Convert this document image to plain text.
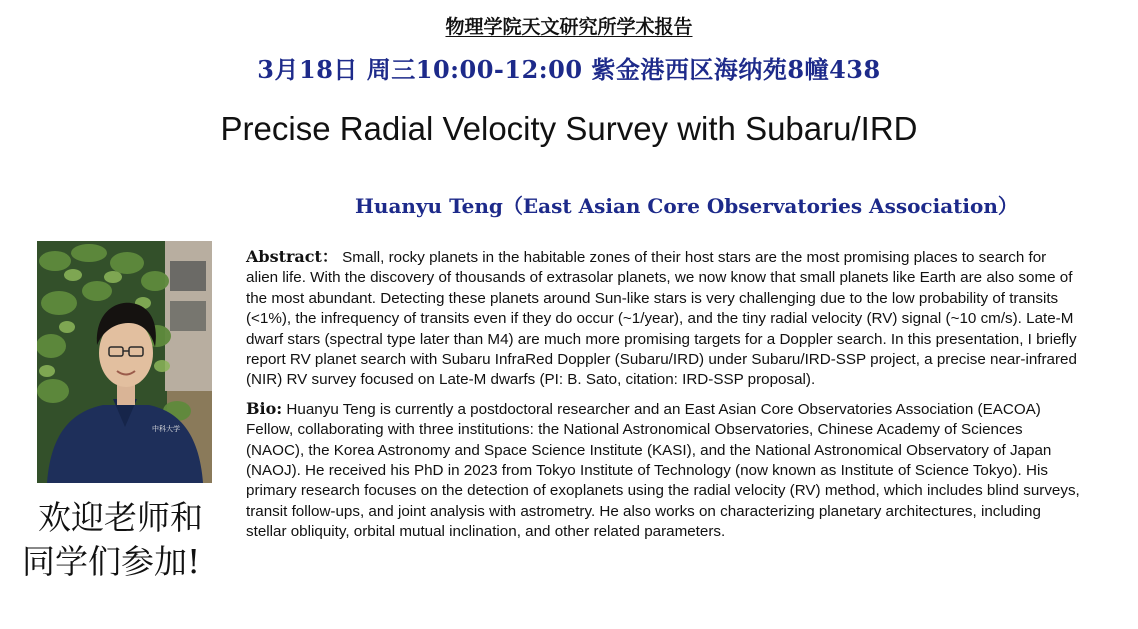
物理学院天文研究所学术报告
3月18日 周三10:00-12:00 紫金港西区海纳苑8幢438
Precise Radial Velocity Survey with Subaru/IRD
Huanyu Teng（East Asian Core Observatories Association）
中科大学
欢迎老师和
同学们参加!

Abstract： Small, rocky planets in the habitable zones of their host stars are the most promising places to search for alien life. With the discovery of thousands of extrasolar planets, we now know that small planets like Earth are also some of the most abundant. Detecting these planets around Sun-like stars is very challenging due to the low probability of transits (<1%), the infrequency of transits even if they do occur (~1/year), and the tiny radial velocity (RV) signal (~10 cm/s). Late-M dwarf stars (spectral type later than M4) are much more promising targets for a Doppler search. In this presentation, I briefly report RV planet search with Subaru InfraRed Doppler (Subaru/IRD) under Subaru/IRD-SSP project, a precise near-infrared (NIR) RV survey focused on Late-M dwarfs (PI: B. Sato, citation: IRD-SSP proposal).

Bio: Huanyu Teng is currently a postdoctoral researcher and an East Asian Core Observatories Association (EACOA) Fellow, collaborating with three institutions: the National Astronomical Observatories, Chinese Academy of Sciences (NAOC), the Korea Astronomy and Space Science Institute (KASI), and the National Astronomical Observatory of Japan (NAOJ). He received his PhD in 2023 from Tokyo Institute of Technology (now known as Institute of Science Tokyo). His primary research focuses on the detection of exoplanets using the radial velocity (RV) method, which includes blind surveys, transit follow-ups, and joint analysis with astrometry. He also works on characterizing planetary architectures, including stellar obliquity, orbital mutual inclination, and other related parameters.
